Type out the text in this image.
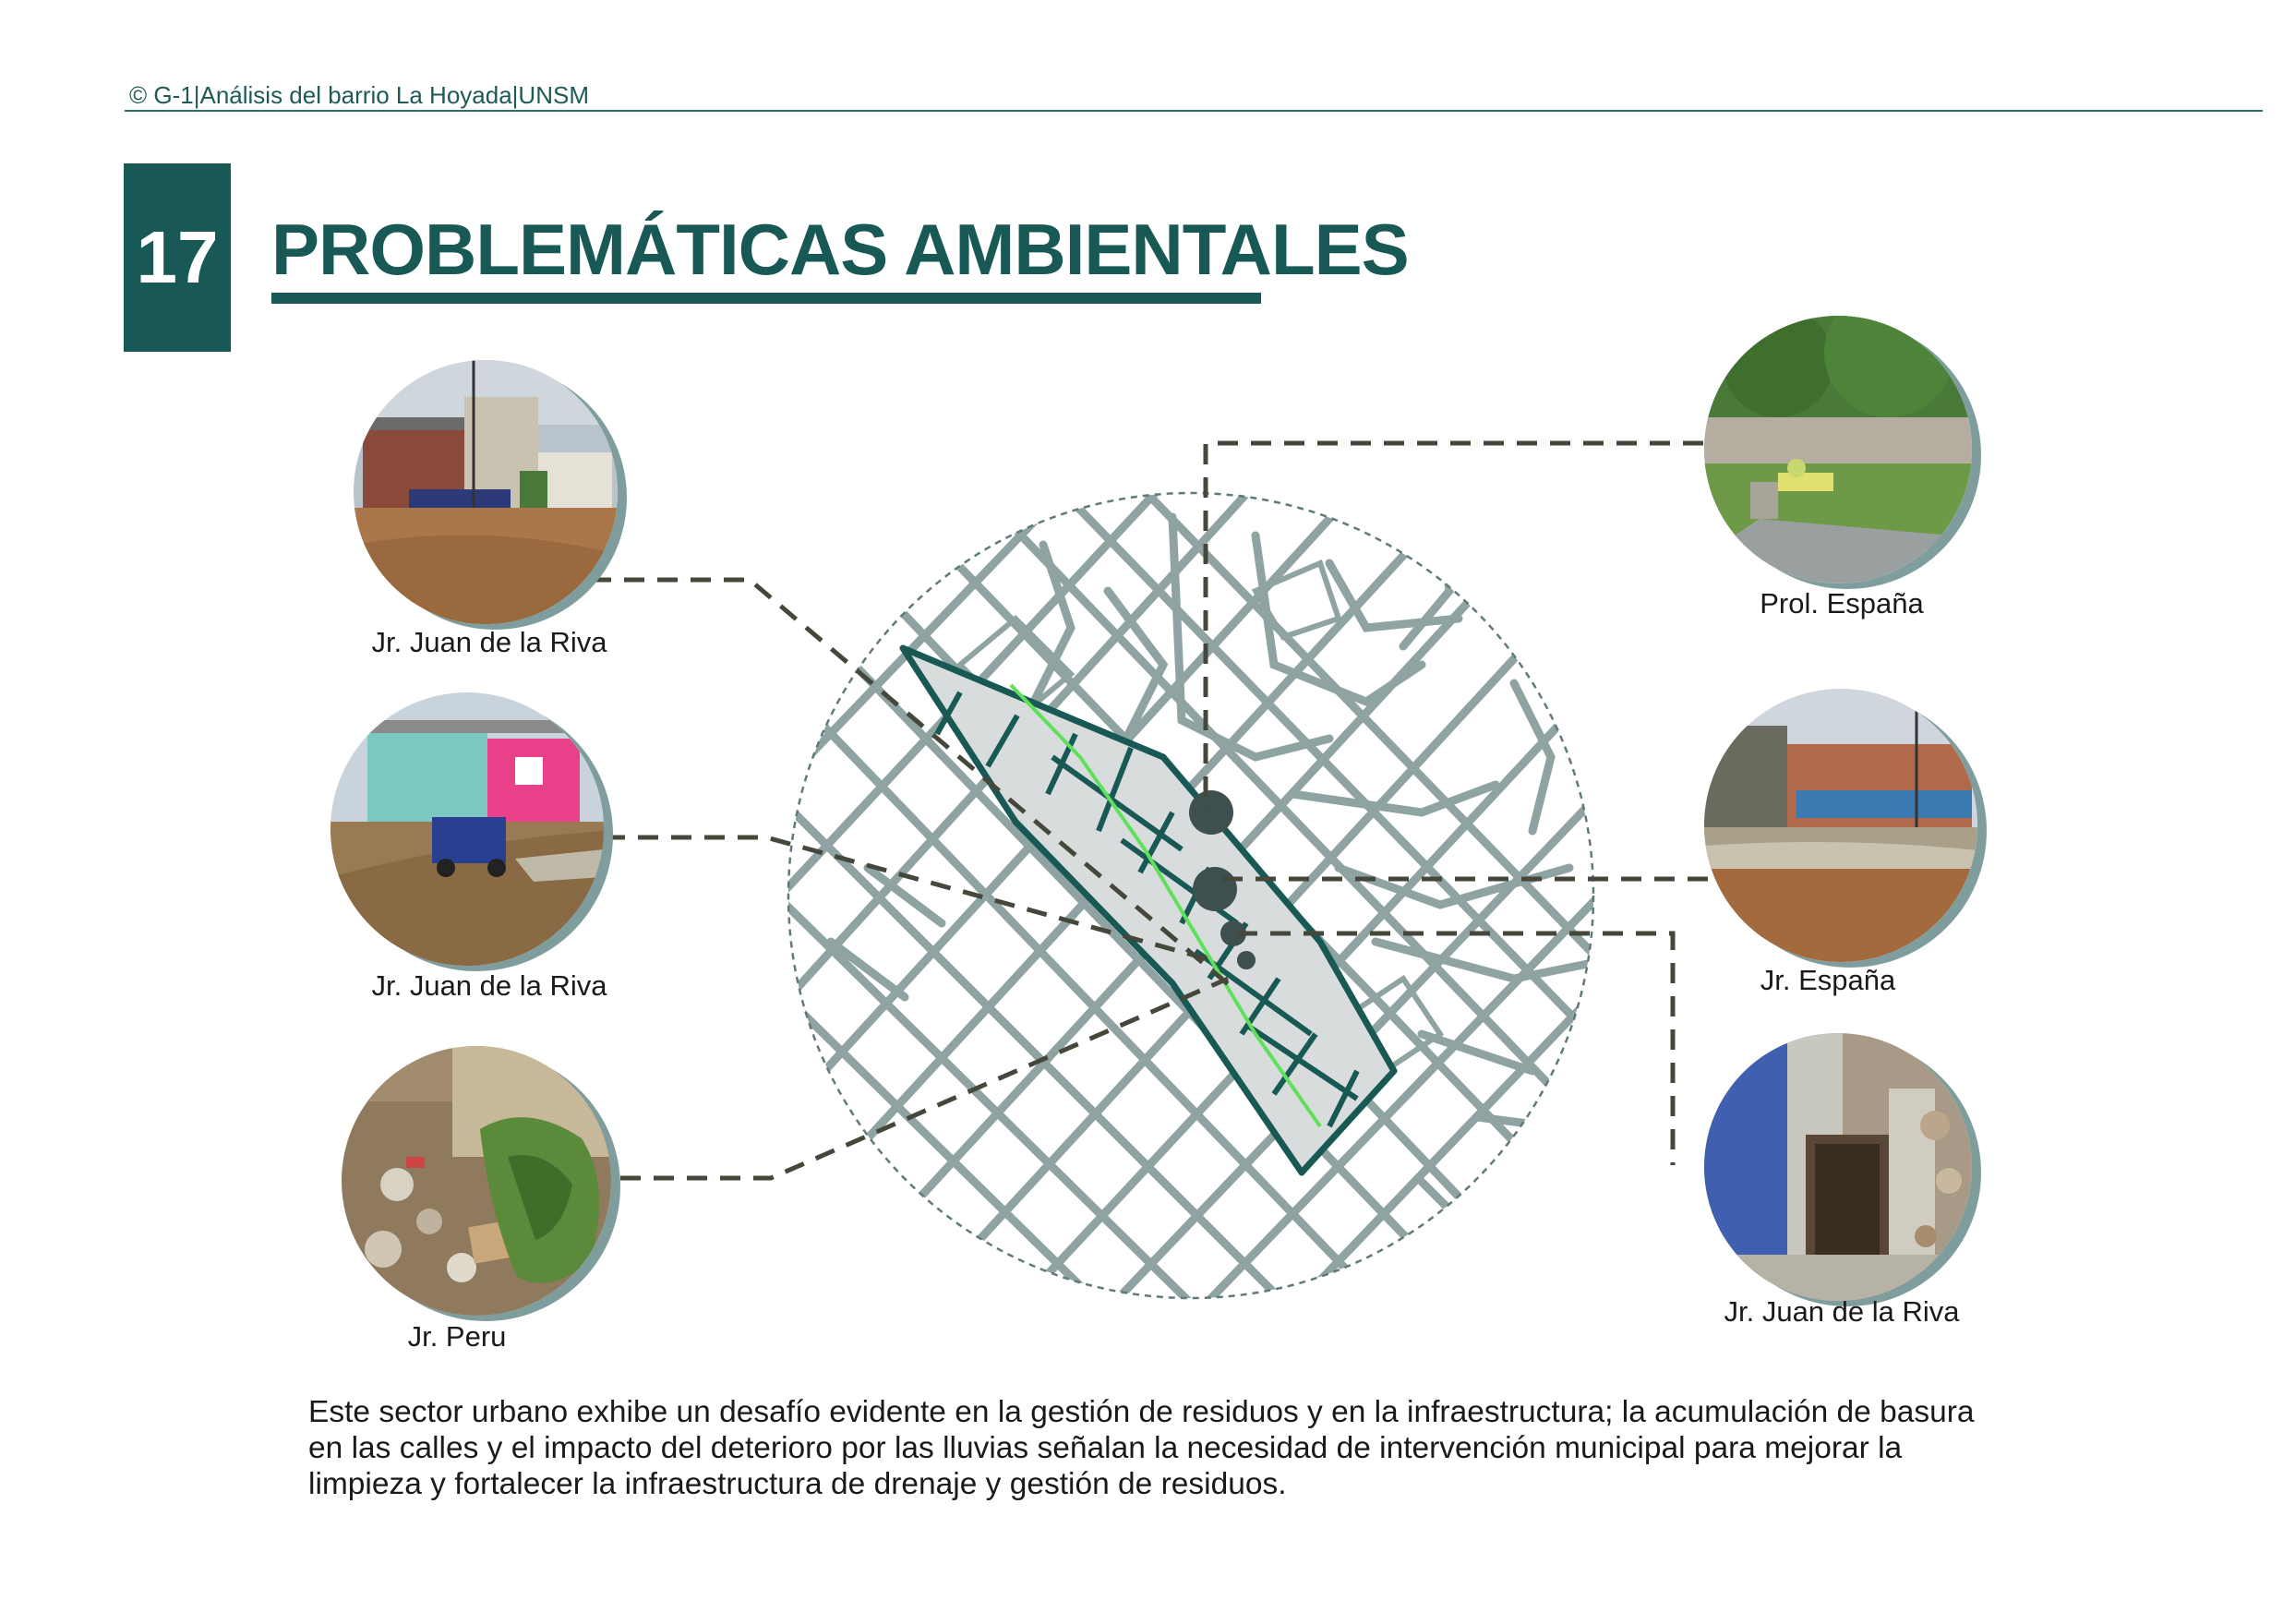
© G-1|Análisis del barrio La Hoyada|UNSM
17 PROBLEMÁTICAS AMBIENTALES
Jr. Juan de la Riva
Jr. Juan de la Riva
Jr. Peru
Prol. España
Jr. España
Jr. Juan de la Riva
Este sector urbano exhibe un desafío evidente en la gestión de residuos y en la infraestructura; la acumulación de basura en las calles y el impacto del deterioro por las lluvias señalan la necesidad de intervención municipal para mejorar la limpieza y fortalecer la infraestructura de drenaje y gestión de residuos.
